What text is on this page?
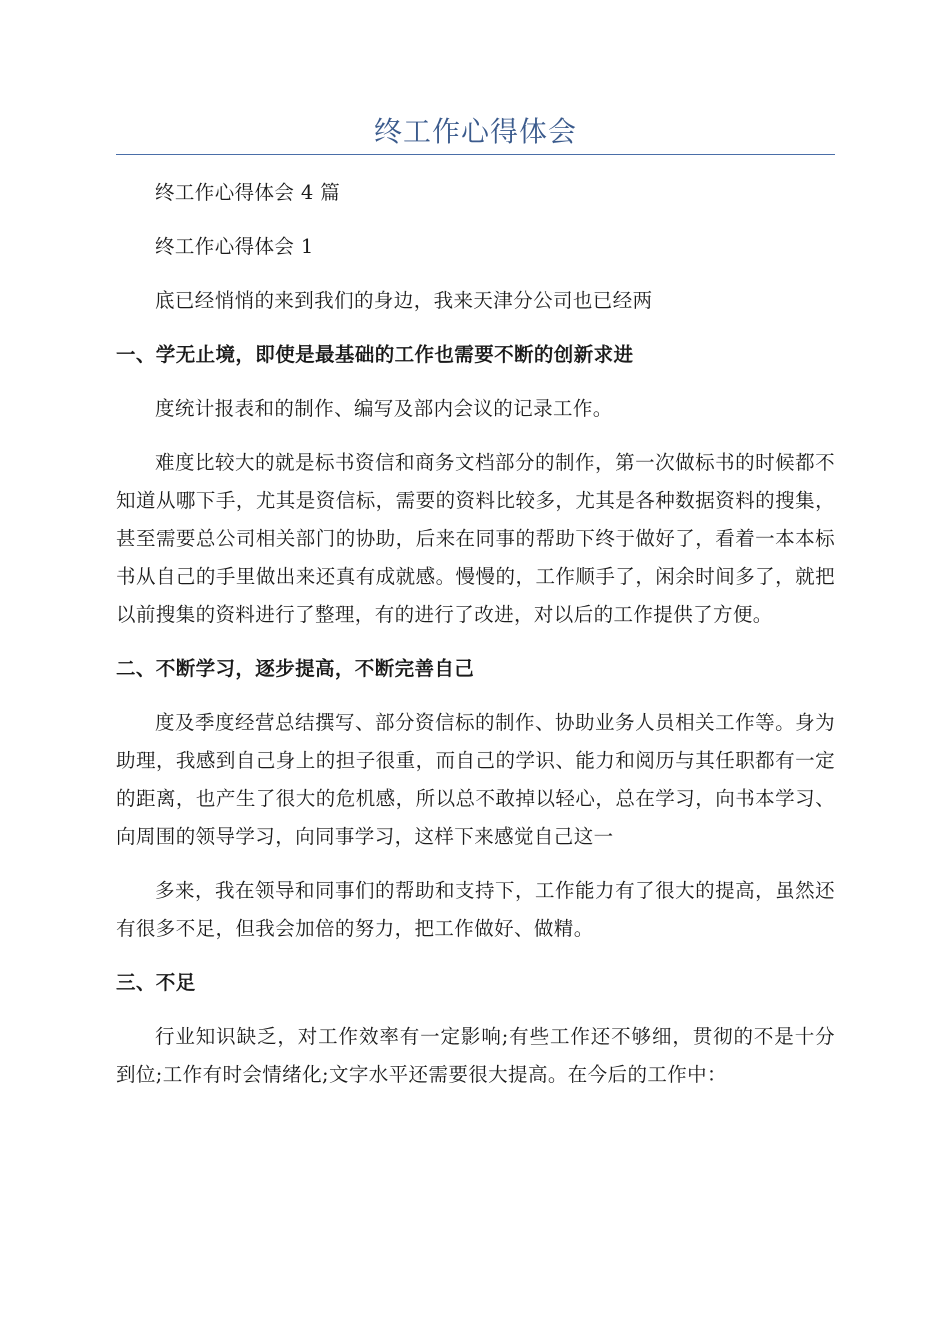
终工作心得体会

终工作心得体会 4 篇

终工作心得体会 1

底已经悄悄的来到我们的身边，我来天津分公司也已经两

一、学无止境，即使是最基础的工作也需要不断的创新求进

度统计报表和的制作、编写及部内会议的记录工作。

难度比较大的就是标书资信和商务文档部分的制作，第一次做标书的时候都不知道从哪下手，尤其是资信标，需要的资料比较多，尤其是各种数据资料的搜集，甚至需要总公司相关部门的协助，后来在同事的帮助下终于做好了，看着一本本标书从自己的手里做出来还真有成就感。慢慢的，工作顺手了，闲余时间多了，就把以前搜集的资料进行了整理，有的进行了改进，对以后的工作提供了方便。

二、不断学习，逐步提高，不断完善自己

度及季度经营总结撰写、部分资信标的制作、协助业务人员相关工作等。身为助理，我感到自己身上的担子很重，而自己的学识、能力和阅历与其任职都有一定的距离，也产生了很大的危机感，所以总不敢掉以轻心，总在学习，向书本学习、向周围的领导学习，向同事学习，这样下来感觉自己这一

多来，我在领导和同事们的帮助和支持下，工作能力有了很大的提高，虽然还有很多不足，但我会加倍的努力，把工作做好、做精。

三、不足

行业知识缺乏，对工作效率有一定影响;有些工作还不够细，贯彻的不是十分到位;工作有时会情绪化;文字水平还需要很大提高。在今后的工作中：
